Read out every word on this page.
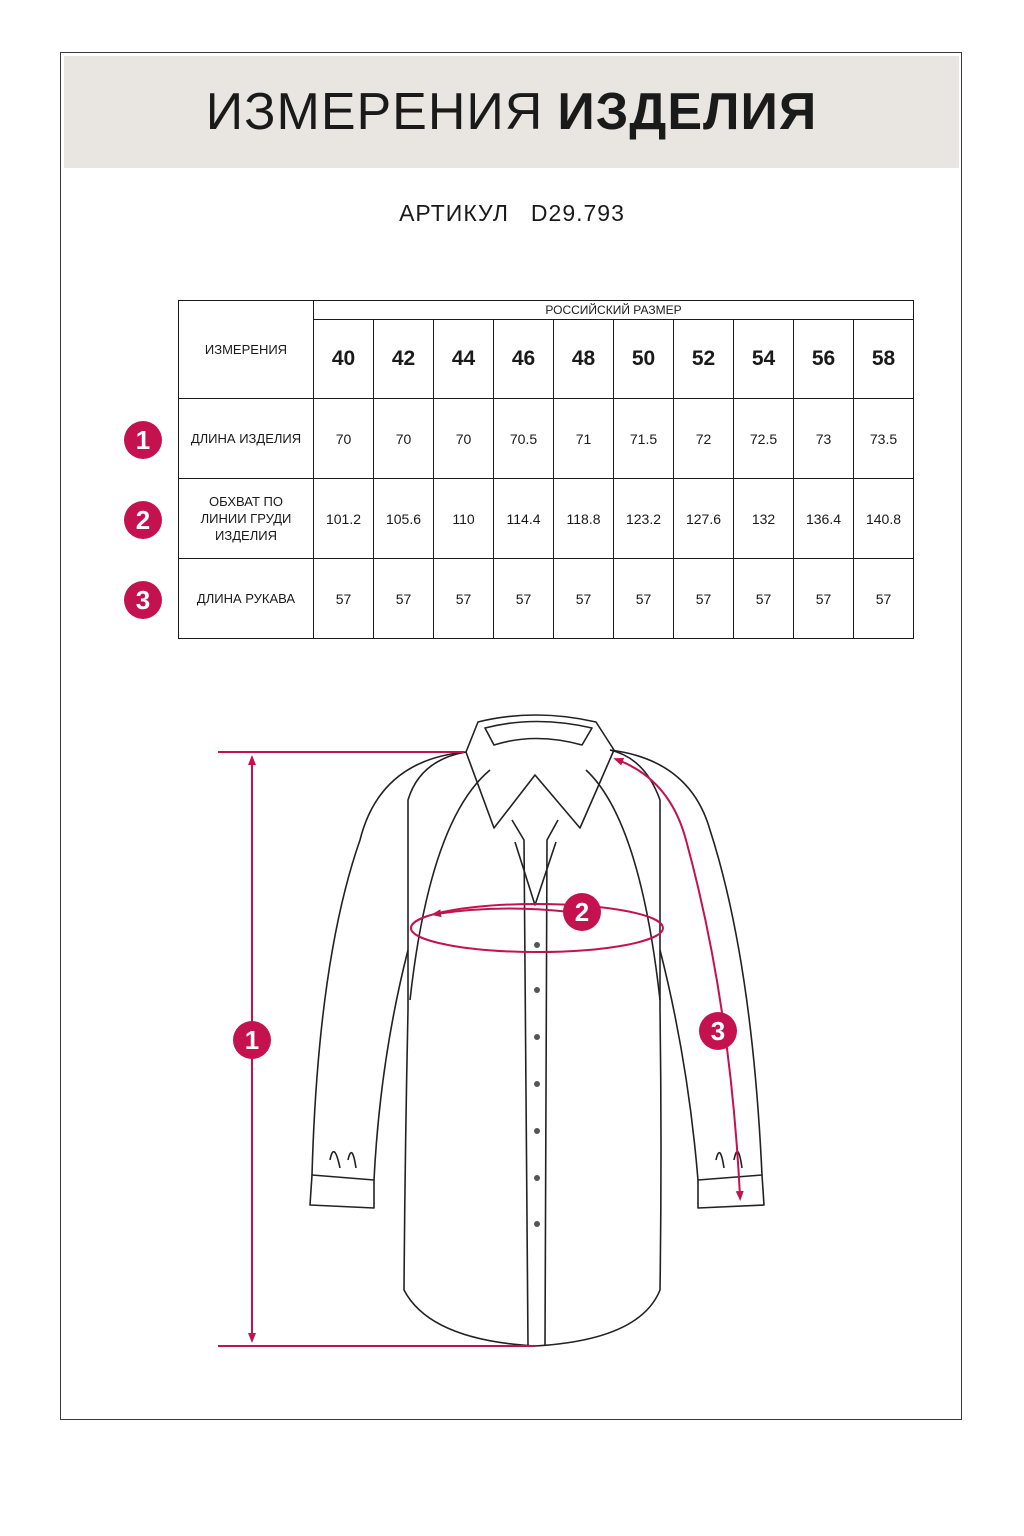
ИЗМЕРЕНИЯ ИЗДЕЛИЯ
АРТИКУЛ D29.793
ИЗМЕРЕНИЯ	РОССИЙСКИЙ РАЗМЕР									
	40	42	44	46	48	50	52	54	56	58
ДЛИНА ИЗДЕЛИЯ	70	70	70	70.5	71	71.5	72	72.5	73	73.5

ОБХВАТ ПО
ЛИНИИ ГРУДИ
ИЗДЕЛИЯ	101.2	105.6	110	114.4	118.8	123.2	127.6	132	136.4	140.8
ДЛИНА РУКАВА	57	57	57	57	57	57	57	57	57	57
1
2
3
1
2
3
